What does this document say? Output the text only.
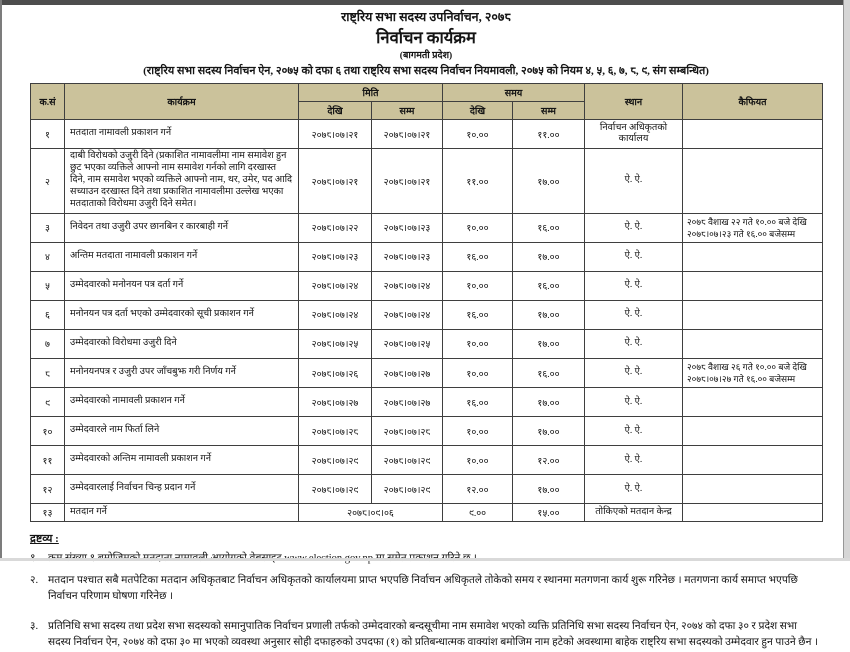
राष्ट्रिय सभा सदस्य उपनिर्वाचन, २०७८
निर्वाचन कार्यक्रम
(बागमती प्रदेश)
(राष्ट्रिय सभा सदस्य निर्वाचन ऐन, २०७५ को दफा ६ तथा राष्ट्रिय सभा सदस्य निर्वाचन नियमावली, २०७५ को नियम ४, ५, ६, ७, ८, ९, संग सम्बन्धित)
क.सं	कार्यक्रम	मिति		समय		स्थान	कैफियत
		देखि	सम्म	देखि	सम्म		
१	मतदाता नामावली प्रकाशन गर्ने	२०७८।०७।२१	२०७८।०७।२१	१०.००	११.००	निर्वाचन अधिकृतको कार्यालय	
२	दाबी विरोधको उजुरी दिने (प्रकाशित नामावलीमा नाम समावेश हुन छुट भएका व्यक्तिले आफ्नो नाम समावेश गर्नको लागि दरखास्त दिने, नाम समावेश भएको व्यक्तिले आफ्नो नाम, थर, उमेर, पद आदि सच्याउन दरखास्त दिने तथा प्रकाशित नामावलीमा उल्लेख भएका मतदाताको विरोधमा उजुरी दिने समेत।	२०७८।०७।२१	२०७८।०७।२१	११.००	१७.००	ऐ. ऐ.	
३	निवेदन तथा उजुरी उपर छानबिन र कारबाही गर्ने	२०७८।०७।२२	२०७८।०७।२३	१०.००	१६.००	ऐ. ऐ.	२०७८ वैशाख २२ गते १०.०० बजे देखि २०७८।०७।२३ गते १६.०० बजेसम्म
४	अन्तिम मतदाता नामावली प्रकाशन गर्ने	२०७८।०७।२३	२०७८।०७।२३	१६.००	१७.००	ऐ. ऐ.	
५	उम्मेदवारको मनोनयन पत्र दर्ता गर्ने	२०७८।०७।२४	२०७८।०७।२४	१०.००	१६.००	ऐ. ऐ.	
६	मनोनयन पत्र दर्ता भएको उम्मेदवारको सूची प्रकाशन गर्ने	२०७८।०७।२४	२०७८।०७।२४	१६.००	१७.००	ऐ. ऐ.	
७	उम्मेदवारको विरोधमा उजुरी दिने	२०७८।०७।२५	२०७८।०७।२५	१०.००	१७.००	ऐ. ऐ.	
८	मनोनयनपत्र र उजुरी उपर जाँचबुझ गरी निर्णय गर्ने	२०७८।०७।२६	२०७८।०७।२७	१०.००	१६.००	ऐ. ऐ.	२०७८ वैशाख २६ गते १०.०० बजे देखि २०७८।०७।२७ गते १६.०० बजेसम्म
९	उम्मेदवारको नामावली प्रकाशन गर्ने	२०७८।०७।२७	२०७८।०७।२७	१६.००	१७.००	ऐ. ऐ.	
१०	उम्मेदवारले नाम फिर्ता लिने	२०७८।०७।२८	२०७८।०७।२८	१०.००	१७.००	ऐ. ऐ.	
११	उम्मेदवारको अन्तिम नामावली प्रकाशन गर्ने	२०७८।०७।२९	२०७८।०७।२९	१०.००	१२.००	ऐ. ऐ.	
१२	उम्मेदवारलाई निर्वाचन चिन्ह प्रदान गर्ने	२०७८।०७।२९	२०७८।०७।२९	१२.००	१७.००	ऐ. ऐ.	
१३	मतदान गर्ने	२०७८।०९।०६		९.००	१५.००	तोकिएको मतदान केन्द्र	
द्रष्टव्य :
२. मतदान पश्चात सबै मतपेटिका मतदान अधिकृतबाट निर्वाचन अधिकृतको कार्यालयमा प्राप्त भएपछि निर्वाचन अधिकृतले तोकेको समय र स्थानमा मतगणना कार्य शुरू गरिनेछ । मतगणना कार्य समाप्त भएपछि निर्वाचन परिणाम घोषणा गरिनेछ ।
३. प्रतिनिधि सभा सदस्य तथा प्रदेश सभा सदस्यको समानुपातिक निर्वाचन प्रणाली तर्फको उम्मेदवारको बन्दसूचीमा नाम समावेश भएको व्यक्ति प्रतिनिधि सभा सदस्य निर्वाचन ऐन, २०७४ को दफा ३० र प्रदेश सभा सदस्य निर्वाचन ऐन, २०७४ को दफा ३० मा भएको व्यवस्था अनुसार सोही दफाहरुको उपदफा (१) को प्रतिबन्धात्मक वाक्यांश बमोजिम नाम हटेको अवस्थामा बाहेक राष्ट्रिय सभा सदस्यको उम्मेदवार हुन पाउने छैन ।
